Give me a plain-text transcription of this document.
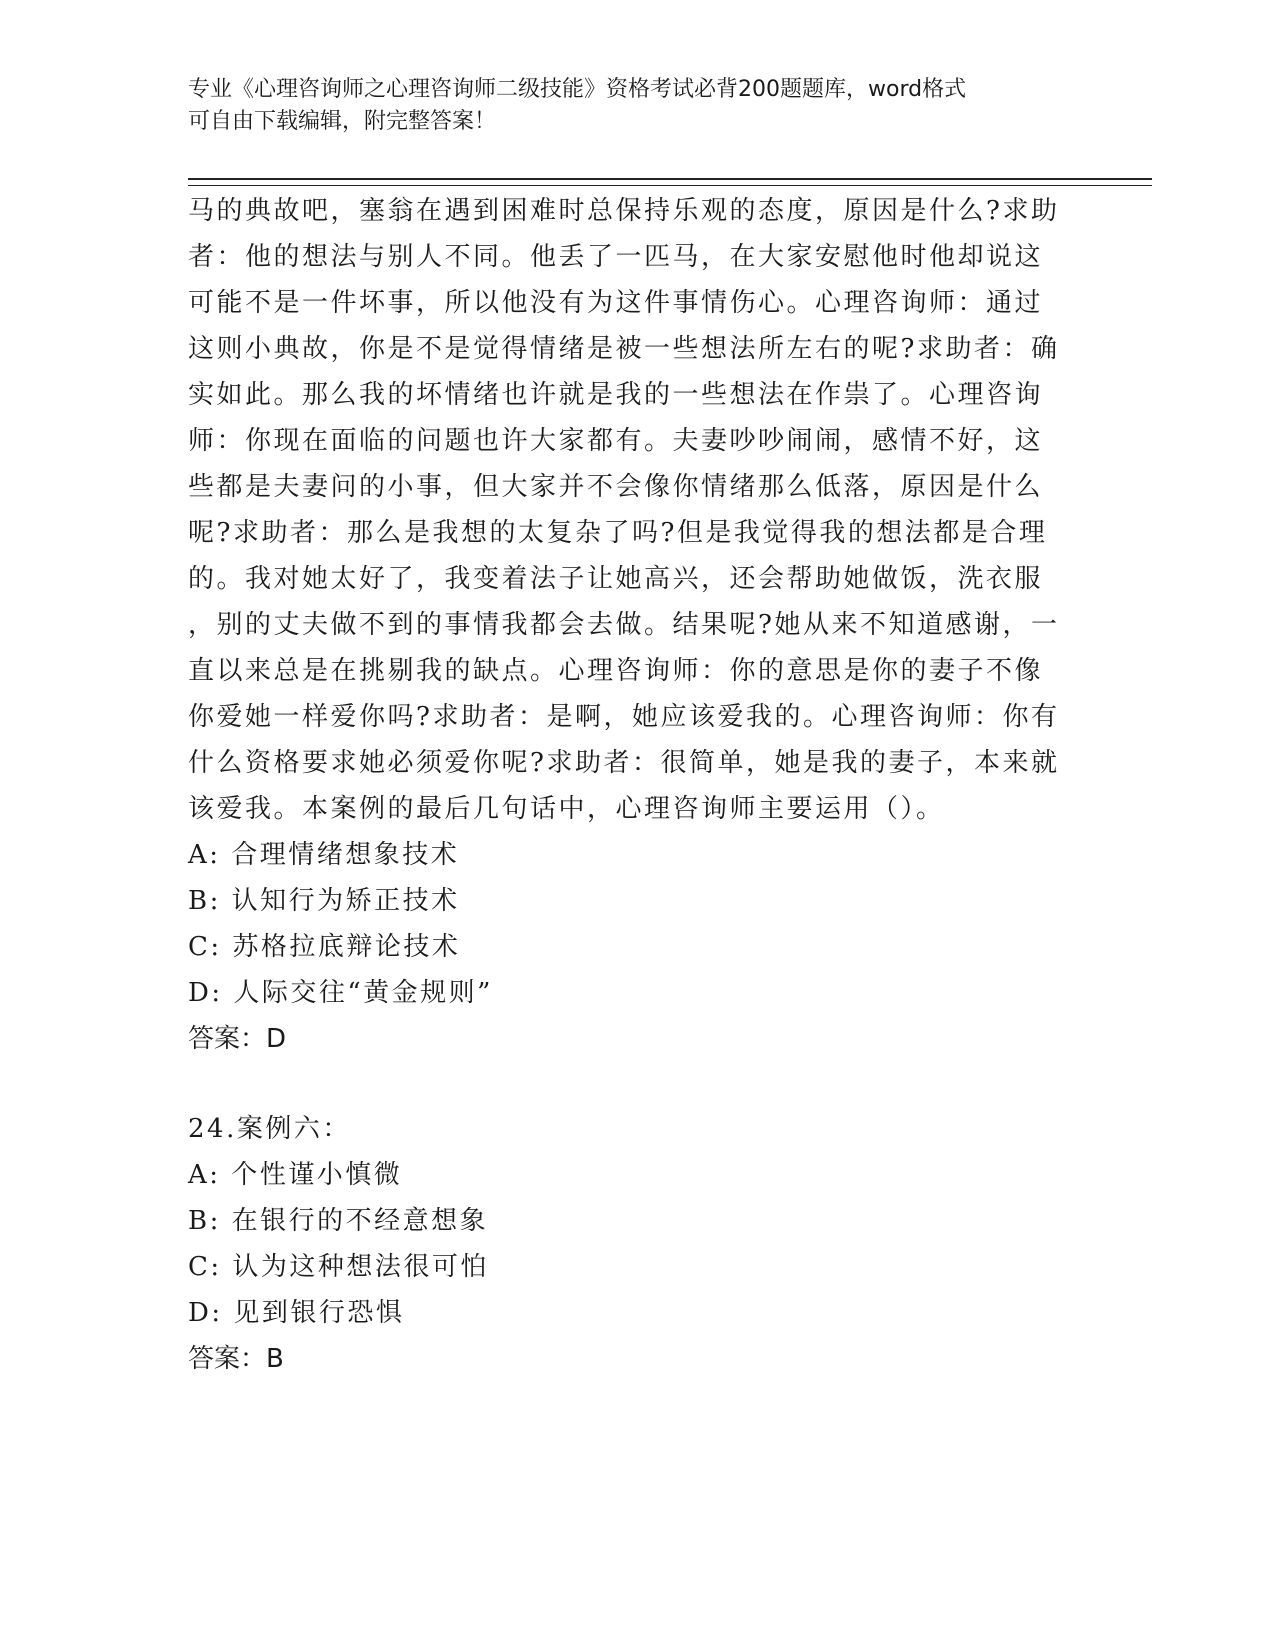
专业《心理咨询师之心理咨询师二级技能》资格考试必背200题题库，word格式
可自由下载编辑，附完整答案！
马的典故吧，塞翁在遇到困难时总保持乐观的态度，原因是什么?求助
者：他的想法与别人不同。他丢了一匹马，在大家安慰他时他却说这
可能不是一件坏事，所以他没有为这件事情伤心。心理咨询师：通过
这则小典故，你是不是觉得情绪是被一些想法所左右的呢?求助者：确
实如此。那么我的坏情绪也许就是我的一些想法在作祟了。心理咨询
师：你现在面临的问题也许大家都有。夫妻吵吵闹闹，感情不好，这
些都是夫妻问的小事，但大家并不会像你情绪那么低落，原因是什么
呢?求助者：那么是我想的太复杂了吗?但是我觉得我的想法都是合理
的。我对她太好了，我变着法子让她高兴，还会帮助她做饭，洗衣服
，别的丈夫做不到的事情我都会去做。结果呢?她从来不知道感谢，一
直以来总是在挑剔我的缺点。心理咨询师：你的意思是你的妻子不像
你爱她一样爱你吗?求助者：是啊，她应该爱我的。心理咨询师：你有
什么资格要求她必须爱你呢?求助者：很简单，她是我的妻子，本来就
该爱我。本案例的最后几句话中，心理咨询师主要运用（）。
A: 合理情绪想象技术
B: 认知行为矫正技术
C: 苏格拉底辩论技术
D: 人际交往“黄金规则”
答案：D
24.案例六：
A: 个性谨小慎微
B: 在银行的不经意想象
C: 认为这种想法很可怕
D: 见到银行恐惧
答案：B
